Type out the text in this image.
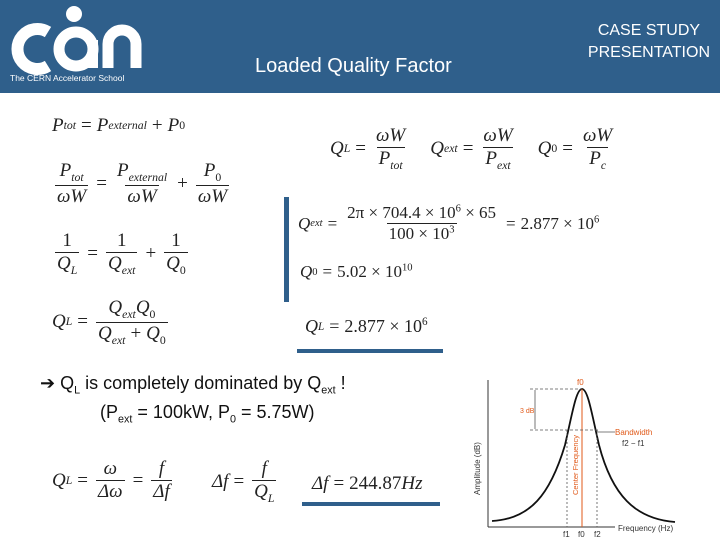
The CERN Accelerator School
Loaded Quality Factor
CASE STUDY
PRESENTATION
P tot = P external + P 0
$\frac{P_{tot}}{\omega W} = \frac{P_{external}}{\omega W} + \frac{P_0}{\omega W}$
$\frac{1}{Q_L} = \frac{1}{Q_{ext}} + \frac{1}{Q_0}$
Q $L = \frac{Q_{ext}Q_0}{Q_{ext} + Q_0}$
Q $L = \frac{\omega W}{P_{tot}}$ Q ext = $\frac{\omega W}{P_{ext}}$ Q $0 = \frac{\omega W}{P_c}$
Q ext = $\frac{2\pi \times 704.4 \times 10^6 \times 65}{100 \times 10^3} = 2.877 \times 10^6$
Q $0 = 5.02 \times 10^{10}$
Q $L = 2.877 \times 10^6$
➔ $Q_L$ is completely dominated by $Q_{ext}$ !
($P_{ext} = 100kW$, $P_0 = 5.75W$)
Q $L = \frac{\omega}{\Delta\omega} = \frac{f}{\Delta f}$ $\Delta f = \frac{f}{Q_L}$ Δf = 244.87 Hz	Amplitude (dB)
Frequency (Hz)
3 dB
f0
Bandwidth
f2 − f1
Center Frequency
f1 f0 f2
